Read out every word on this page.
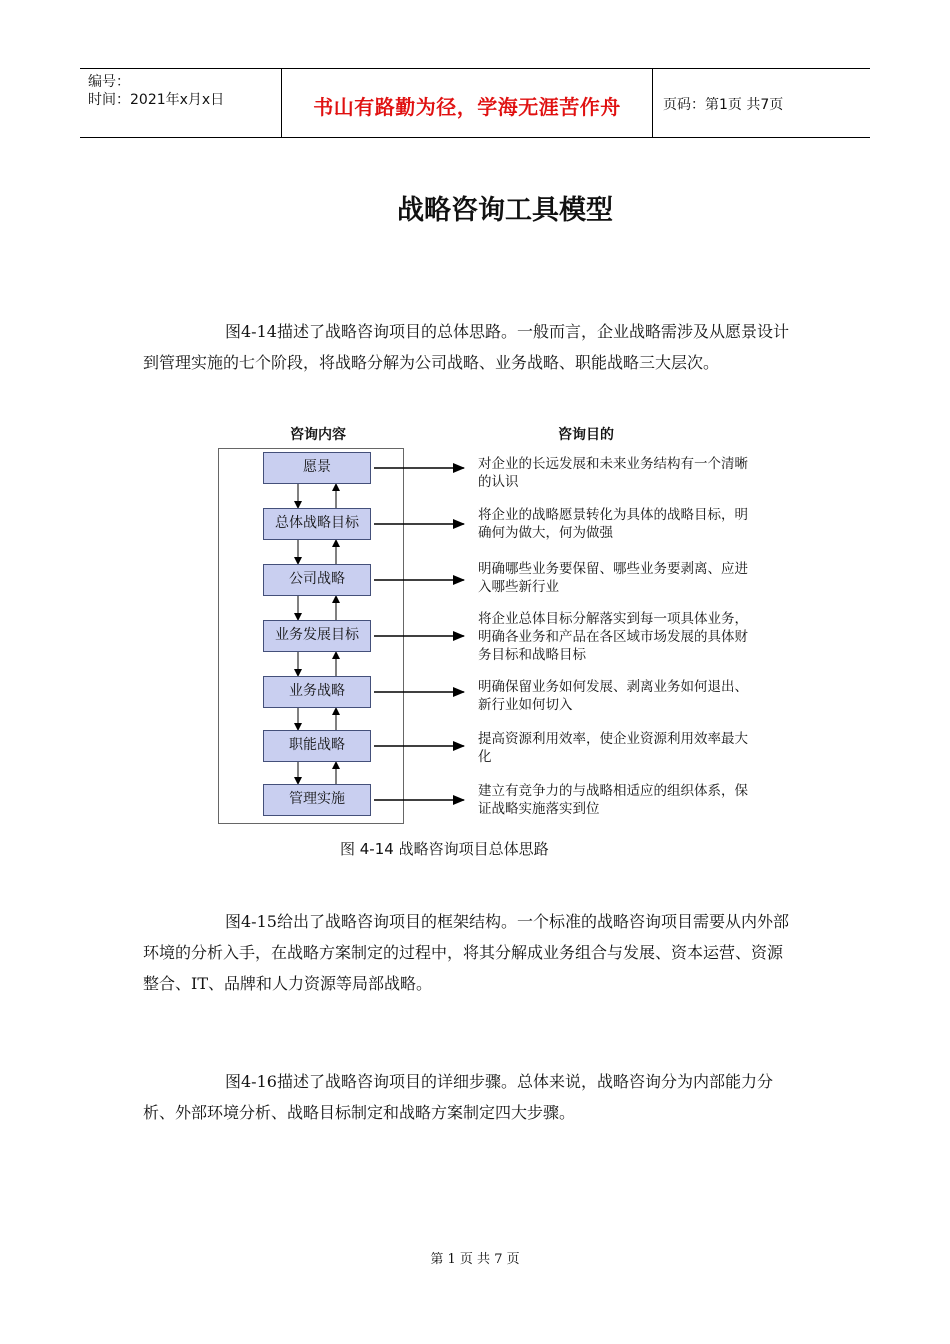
编号：
时间：2021年x月x日	书山有路勤为径，学海无涯苦作舟	页码：第1页 共7页
战略咨询工具模型

图4-14描述了战略咨询项目的总体思路。一般而言，企业战略需涉及从愿景设计到管理实施的七个阶段，将战略分解为公司战略、业务战略、职能战略三大层次。

咨询内容	咨询目的
愿景
总体战略目标
公司战略
业务发展目标
业务战略
职能战略
管理实施
对企业的长远发展和未来业务结构有一个清晰的认识
将企业的战略愿景转化为具体的战略目标，明确何为做大，何为做强
明确哪些业务要保留、哪些业务要剥离、应进入哪些新行业
将企业总体目标分解落实到每一项具体业务，明确各业务和产品在各区域市场发展的具体财务目标和战略目标
明确保留业务如何发展、剥离业务如何退出、新行业如何切入
提高资源利用效率，使企业资源利用效率最大化
建立有竞争力的与战略相适应的组织体系，保证战略实施落实到位
图 4-14 战略咨询项目总体思路

图4-15给出了战略咨询项目的框架结构。一个标准的战略咨询项目需要从内外部环境的分析入手，在战略方案制定的过程中，将其分解成业务组合与发展、资本运营、资源整合、IT、品牌和人力资源等局部战略。

图4-16描述了战略咨询项目的详细步骤。总体来说，战略咨询分为内部能力分析、外部环境分析、战略目标制定和战略方案制定四大步骤。

第 1 页 共 7 页
